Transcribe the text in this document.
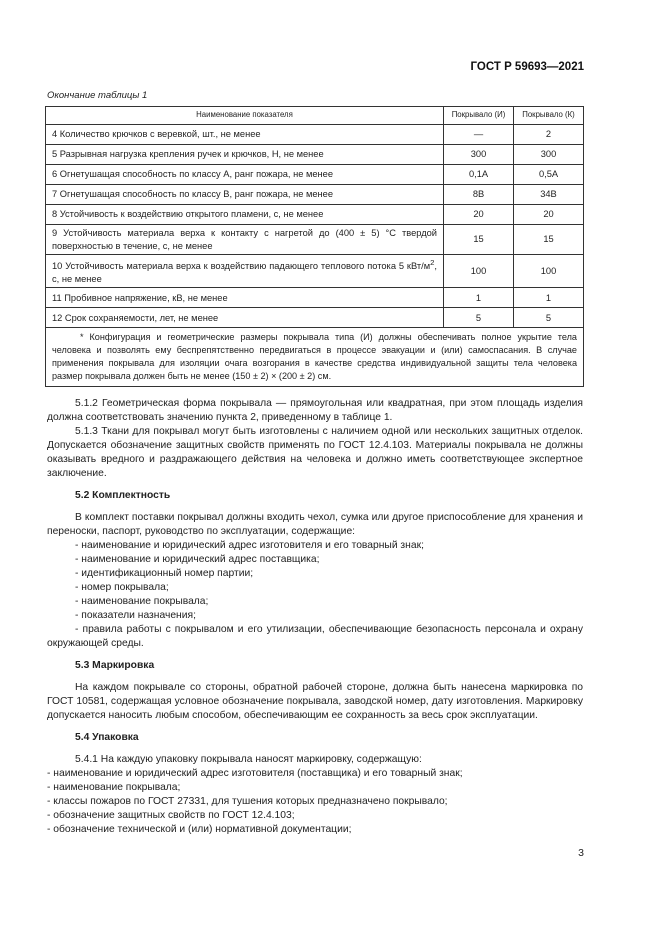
ГОСТ Р 59693—2021
Окончание таблицы 1
Наименование показателя	Покрывало (И)	Покрывало (К)
4 Количество крючков с веревкой, шт., не менее	—	2
5 Разрывная нагрузка крепления ручек и крючков, Н, не менее	300	300
6 Огнетушащая способность по классу А, ранг пожара, не менее	0,1А	0,5А
7 Огнетушащая способность по классу В, ранг пожара, не менее	8В	34В
8 Устойчивость к воздействию открытого пламени, с, не менее	20	20
9 Устойчивость материала верха к контакту с нагретой до (400 ± 5) °С твердой поверхностью в течение, с, не менее	15	15
10 Устойчивость материала верха к воздействию падающего теплового потока 5 кВт/$м^2$, с, не менее	100	100
11 Пробивное напряжение, кВ, не менее	1	1
12 Срок сохраняемости, лет, не менее	5	5
* Конфигурация и геометрические размеры покрывала типа (И) должны обеспечивать полное укрытие тела человека и позволять ему беспрепятственно передвигаться в процессе эвакуации и (или) самоспасания. В случае применения покрывала для изоляции очага возгорания в качестве средства индивидуальной защиты тела человека размер покрывала должен быть не менее (150 ± 2) × (200 ± 2) см.		

5.1.2 Геометрическая форма покрывала — прямоугольная или квадратная, при этом площадь изделия должна соответствовать значению пункта 2, приведенному в таблице 1.

5.1.3 Ткани для покрывал могут быть изготовлены с наличием одной или нескольких защитных отделок. Допускается обозначение защитных свойств применять по ГОСТ 12.4.103. Материалы покрывала не должны оказывать вредного и раздражающего действия на человека и должно иметь соответствующее экспертное заключение.

5.2 Комплектность

В комплект поставки покрывал должны входить чехол, сумка или другое приспособление для хранения и переноски, паспорт, руководство по эксплуатации, содержащие:

- наименование и юридический адрес изготовителя и его товарный знак;

- наименование и юридический адрес поставщика;

- идентификационный номер партии;

- номер покрывала;

- наименование покрывала;

- показатели назначения;

- правила работы с покрывалом и его утилизации, обеспечивающие безопасность персонала и охрану окружающей среды.

5.3 Маркировка

На каждом покрывале со стороны, обратной рабочей стороне, должна быть нанесена маркировка по ГОСТ 10581, содержащая условное обозначение покрывала, заводской номер, дату изготовления. Маркировку допускается наносить любым способом, обеспечивающим ее сохранность за весь срок эксплуатации.

5.4 Упаковка

5.4.1 На каждую упаковку покрывала наносят маркировку, содержащую:

- наименование и юридический адрес изготовителя (поставщика) и его товарный знак;

- наименование покрывала;

- классы пожаров по ГОСТ 27331, для тушения которых предназначено покрывало;

- обозначение защитных свойств по ГОСТ 12.4.103;

- обозначение технической и (или) нормативной документации;

3
